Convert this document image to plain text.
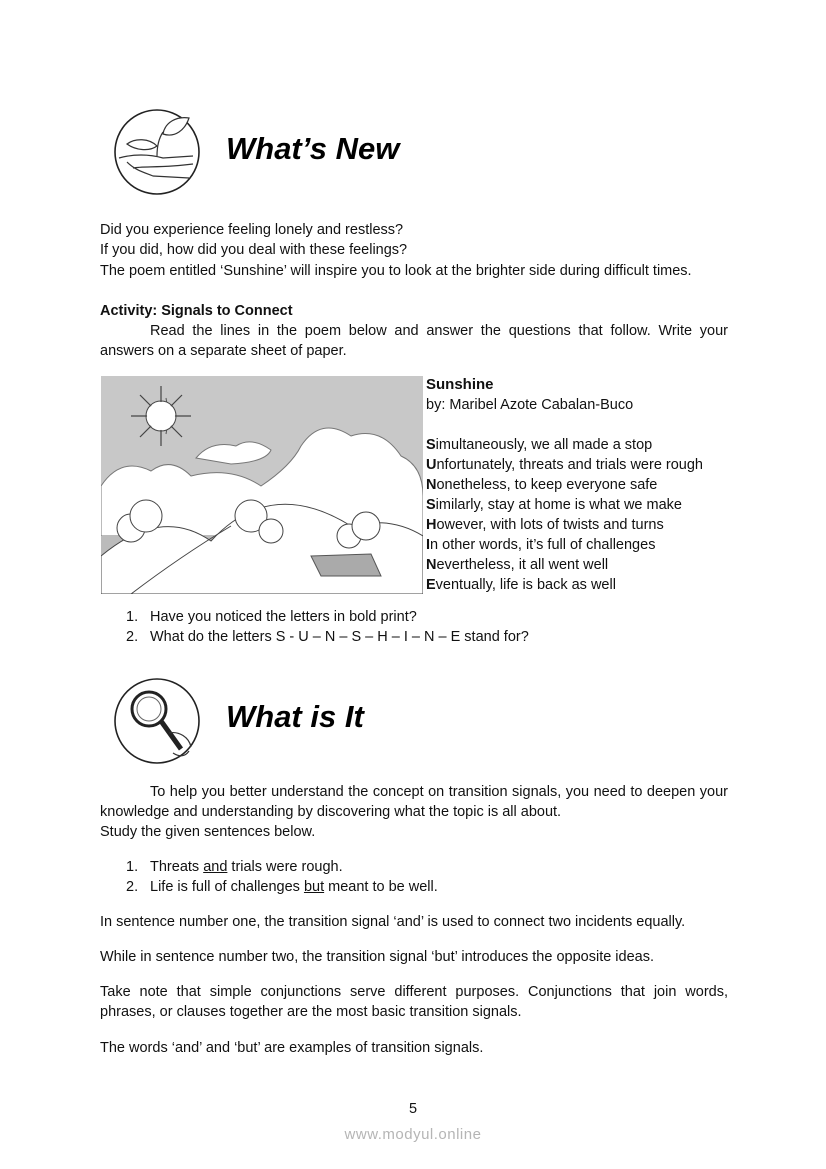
What’s New
Did you experience feeling lonely and restless?
If you did, how did you deal with these feelings?
The poem entitled ‘Sunshine’ will inspire you to look at the brighter side during difficult times.
Activity: Signals to Connect
Read the lines in the poem below and answer the questions that follow. Write your answers on a separate sheet of paper.
Sunshine
by: Maribel Azote Cabalan-Buco
Simultaneously, we all made a stop
Unfortunately, threats and trials were rough
Nonetheless, to keep everyone safe
Similarly, stay at home is what we make
However, with lots of twists and turns
In other words, it’s full of challenges
Nevertheless, it all went well
Eventually, life is back as well
1. Have you noticed the letters in bold print?
2. What do the letters S - U – N – S – H – I – N – E stand for?
What is It
To help you better understand the concept on transition signals, you need to deepen your knowledge and understanding by discovering what the topic is all about.
Study the given sentences below.
1. Threats and trials were rough.
2. Life is full of challenges but meant to be well.
In sentence number one, the transition signal ‘and’ is used to connect two incidents equally.
While in sentence number two, the transition signal ‘but’ introduces the opposite ideas.
Take note that simple conjunctions serve different purposes. Conjunctions that join words, phrases, or clauses together are the most basic transition signals.
The words ‘and’ and ‘but’ are examples of transition signals.
5
www.modyul.online
